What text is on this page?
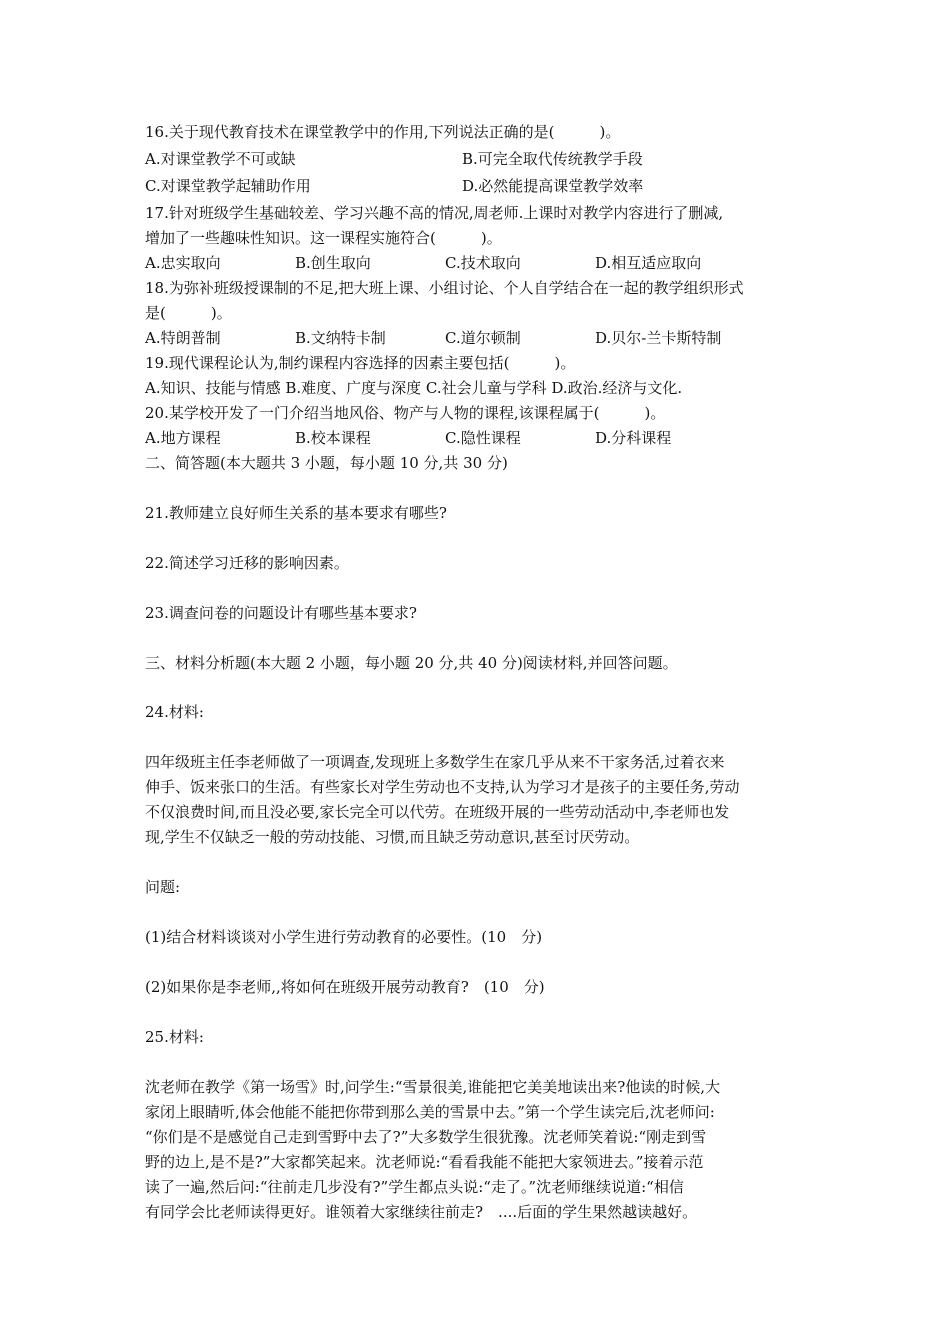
16.关于现代教育技术在课堂教学中的作用,下列说法正确的是(　　　)。
A.对课堂教学不可或缺	B.可完全取代传统教学手段
C.对课堂教学起辅助作用	D.必然能提高课堂教学效率
17.针对班级学生基础较差、学习兴趣不高的情况,周老师.上课时对教学内容进行了删减,
增加了一些趣味性知识。这一课程实施符合(　　　)。
A.忠实取向	B.创生取向	C.技术取向	D.相互适应取向
18.为弥补班级授课制的不足,把大班上课、小组讨论、个人自学结合在一起的教学组织形式
是(　　　)。
A.特朗普制	B.文纳特卡制	C.道尔顿制	D.贝尔-兰卡斯特制
19.现代课程论认为,制约课程内容选择的因素主要包括(　　　)。
A.知识、技能与情感 B.难度、广度与深度 C.社会儿童与学科 D.政治.经济与文化.
20.某学校开发了一门介绍当地风俗、物产与人物的课程,该课程属于(　　　)。
A.地方课程	B.校本课程	C.隐性课程	D.分科课程
二、简答题(本大题共 3 小题，每小题 10 分,共 30 分)
21.教师建立良好师生关系的基本要求有哪些?
22.简述学习迁移的影响因素。
23.调查问卷的问题设计有哪些基本要求?
三、材料分析题(本大题 2 小题，每小题 20 分,共 40 分)阅读材料,并回答问题。
24.材料:
四年级班主任李老师做了一项调查,发现班上多数学生在家几乎从来不干家务活,过着衣来
伸手、饭来张口的生活。有些家长对学生劳动也不支持,认为学习才是孩子的主要任务,劳动
不仅浪费时间,而且没必要,家长完全可以代劳。在班级开展的一些劳动活动中,李老师也发
现,学生不仅缺乏一般的劳动技能、习惯,而且缺乏劳动意识,甚至讨厌劳动。
问题:
(1)结合材料谈谈对小学生进行劳动教育的必要性。(10　分)
(2)如果你是李老师,,将如何在班级开展劳动教育?　(10　分)
25.材料:
沈老师在教学《第一场雪》时,问学生:“雪景很美,谁能把它美美地读出来?他读的时候,大
家闭上眼睛听,体会他能不能把你带到那么美的雪景中去。”第一个学生读完后,沈老师问:
“你们是不是感觉自己走到雪野中去了?”大多数学生很犹豫。沈老师笑着说:“刚走到雪
野的边上,是不是?”大家都笑起来。沈老师说:“看看我能不能把大家领进去。”接着示范
读了一遍,然后问:“往前走几步没有?”学生都点头说:“走了。”沈老师继续说道:“相信
有同学会比老师读得更好。谁领着大家继续往前走?　....后面的学生果然越读越好。
